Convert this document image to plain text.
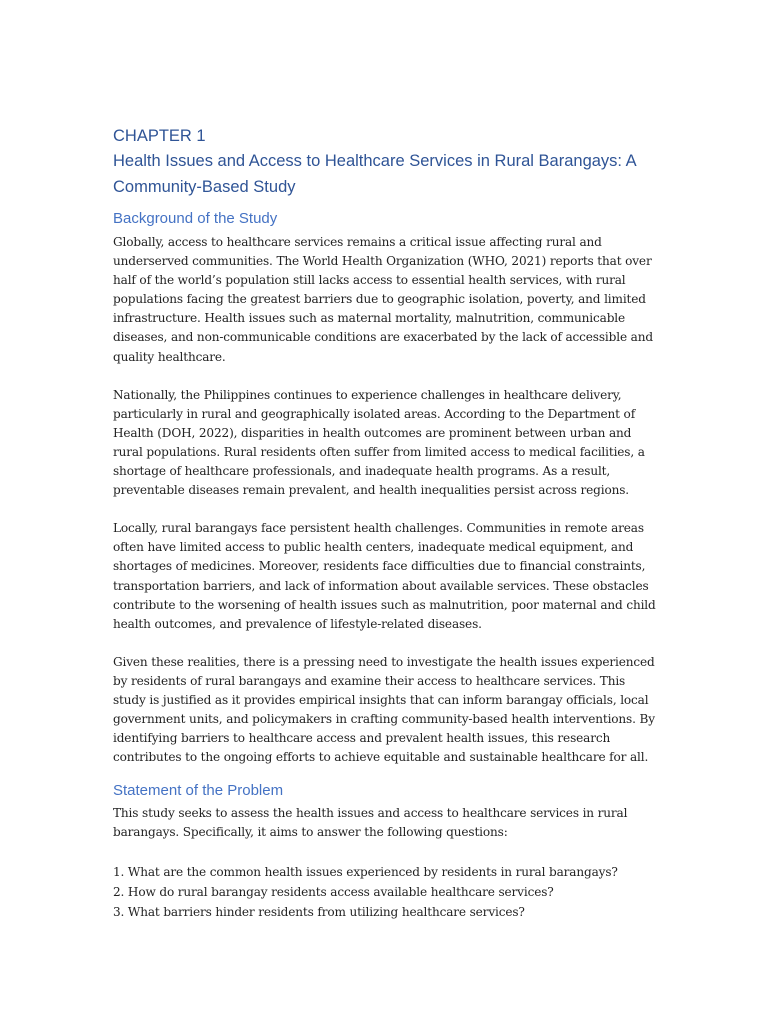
CHAPTER 1
Health Issues and Access to Healthcare Services in Rural Barangays: A Community-Based Study
Background of the Study

Globally, access to healthcare services remains a critical issue affecting rural and underserved communities. The World Health Organization (WHO, 2021) reports that over half of the world’s population still lacks access to essential health services, with rural populations facing the greatest barriers due to geographic isolation, poverty, and limited infrastructure. Health issues such as maternal mortality, malnutrition, communicable diseases, and non-communicable conditions are exacerbated by the lack of accessible and quality healthcare.

Nationally, the Philippines continues to experience challenges in healthcare delivery, particularly in rural and geographically isolated areas. According to the Department of Health (DOH, 2022), disparities in health outcomes are prominent between urban and rural populations. Rural residents often suffer from limited access to medical facilities, a shortage of healthcare professionals, and inadequate health programs. As a result, preventable diseases remain prevalent, and health inequalities persist across regions.

Locally, rural barangays face persistent health challenges. Communities in remote areas often have limited access to public health centers, inadequate medical equipment, and shortages of medicines. Moreover, residents face difficulties due to financial constraints, transportation barriers, and lack of information about available services. These obstacles contribute to the worsening of health issues such as malnutrition, poor maternal and child health outcomes, and prevalence of lifestyle-related diseases.

Given these realities, there is a pressing need to investigate the health issues experienced by residents of rural barangays and examine their access to healthcare services. This study is justified as it provides empirical insights that can inform barangay officials, local government units, and policymakers in crafting community-based health interventions. By identifying barriers to healthcare access and prevalent health issues, this research contributes to the ongoing efforts to achieve equitable and sustainable healthcare for all.

Statement of the Problem

This study seeks to assess the health issues and access to healthcare services in rural barangays. Specifically, it aims to answer the following questions:

1. What are the common health issues experienced by residents in rural barangays?
2. How do rural barangay residents access available healthcare services?
3. What barriers hinder residents from utilizing healthcare services?
